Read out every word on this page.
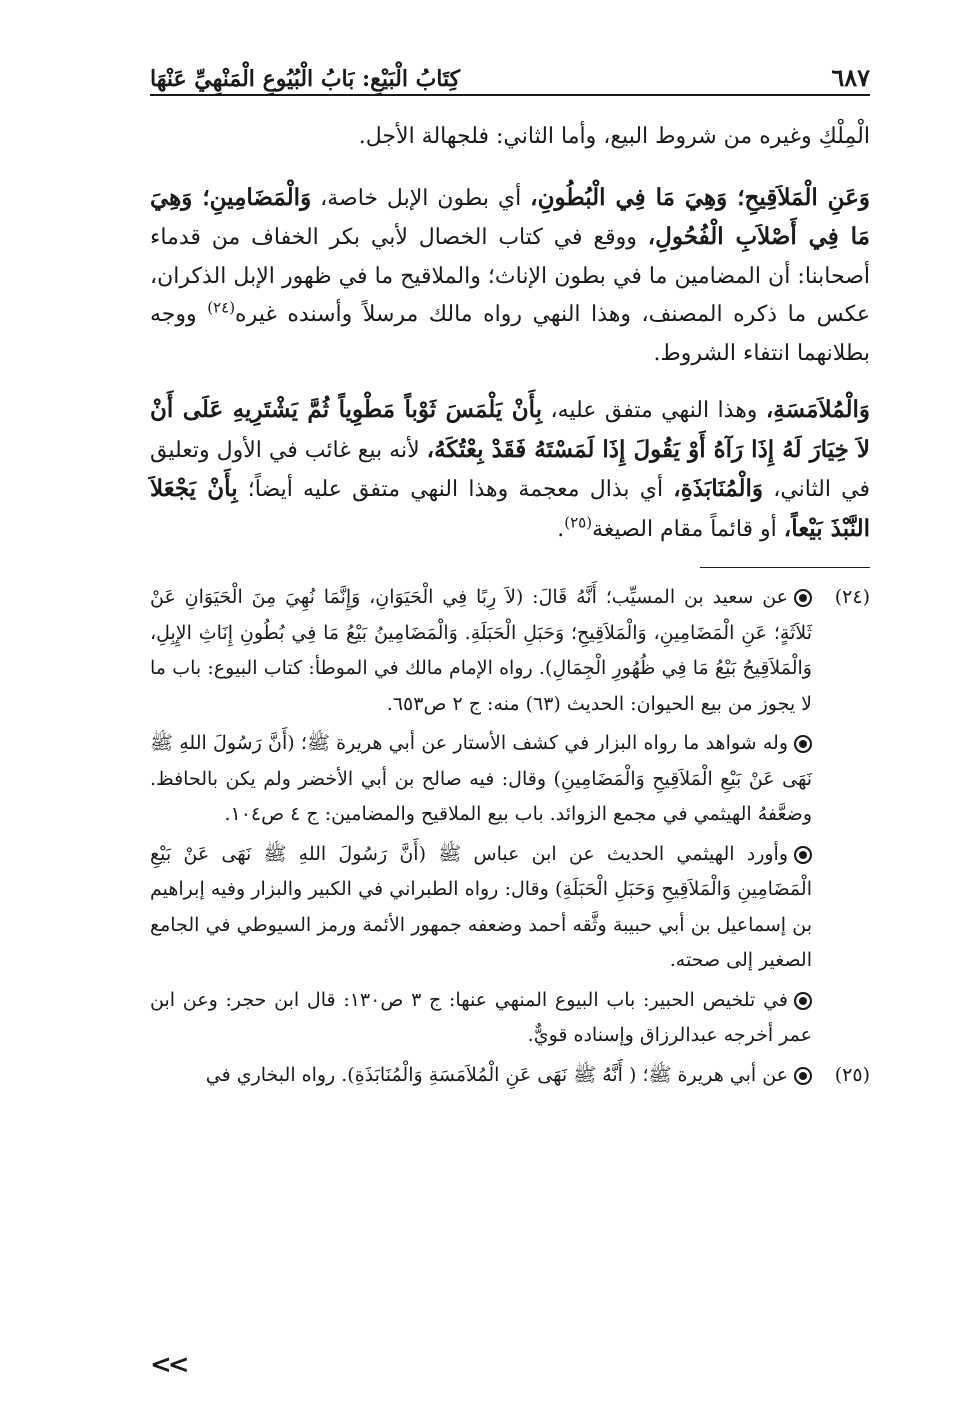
٦٨٧
كِتَابُ الْبَيْعِ: بَابُ الْبُيُوعِ الْمَنْهِيِّ عَنْهَا

الْمِلْكِ وغيره من شروط البيع، وأما الثاني: فلجهالة الأجل.

وَعَنِ الْمَلاَقِيحِ؛ وَهِيَ مَا فِي الْبُطُونِ، أي بطون الإبل خاصة، وَالْمَضَامِينِ؛ وَهِيَ مَا فِي أَصْلاَبِ الْفُحُولِ، ووقع في كتاب الخصال لأبي بكر الخفاف من قدماء أصحابنا: أن المضامين ما في بطون الإناث؛ والملاقيح ما في ظهور الإبل الذكران، عكس ما ذكره المصنف، وهذا النهي رواه مالك مرسلاً وأسنده غيره$^{(٢٤)}$ ووجه بطلانهما انتفاء الشروط.

وَالْمُلاَمَسَةِ، وهذا النهي متفق عليه، بِأَنْ يَلْمَسَ ثَوْباً مَطْوِياً ثُمَّ يَشْتَرِيهِ عَلَى أَنْ لاَ خِيَارَ لَهُ إِذَا رَآهُ أَوْ يَقُولَ إِذَا لَمَسْتَهُ فَقَدْ بِعْتُكَهُ، لأنه بيع غائب في الأول وتعليق في الثاني، وَالْمُنَابَذَةِ، أي بذال معجمة وهذا النهي متفق عليه أيضاً؛ بِأَنْ يَجْعَلاَ النَّبْذَ بَيْعاً، أو قائماً مقام الصيغة$^{(٢٥)}$.

(٢٤)
عن سعيد بن المسيِّب؛ أَنَّهُ قَالَ: (لاَ رِبًا فِي الْحَيَوَانِ، وَإِنَّمَا نُهِيَ مِنَ الْحَيَوَانِ عَنْ ثَلاَثَةٍ؛ عَنِ الْمَضَامِينِ، وَالْمَلاَقِيحِ؛ وَحَبَلِ الْحَبَلَةِ. وَالْمَضَامِينُ بَيْعُ مَا فِي بُطُونِ إِنَاثِ الإِبِلِ، وَالْمَلاَقِيحُ بَيْعُ مَا فِي ظُهُورِ الْجِمَالِ). رواه الإمام مالك في الموطأ: كتاب البيوع: باب ما لا يجوز من بيع الحيوان: الحديث (٦٣) منه: ج ٢ ص٦٥٣.
وله شواهد ما رواه البزار في كشف الأستار عن أبي هريرة ﷺ؛ (أَنَّ رَسُولَ اللهِ ﷺ نَهَى عَنْ بَيْعِ الْمَلاَقِيحِ وَالْمَضَامِينِ) وقال: فيه صالح بن أبي الأخضر ولم يكن بالحافظ. وضعَّفهُ الهيثمي في مجمع الزوائد. باب بيع الملاقيح والمضامين: ج ٤ ص١٠٤.
وأورد الهيثمي الحديث عن ابن عباس ﷺ (أَنَّ رَسُولَ اللهِ ﷺ نَهَى عَنْ بَيْعِ الْمَضَامِينِ وَالْمَلاَقِيحِ وَحَبَلِ الْحَبَلَةِ) وقال: رواه الطبراني في الكبير والبزار وفيه إبراهيم بن إسماعيل بن أبي حبيبة وثَّقه أحمد وضعفه جمهور الأئمة ورمز السيوطي في الجامع الصغير إلى صحته.
في تلخيص الحبير: باب البيوع المنهي عنها: ج ٣ ص١٣٠: قال ابن حجر: وعن ابن عمر أخرجه عبدالرزاق وإسناده قويٌّ.
(٢٥)
عن أبي هريرة ﷺ؛ ( أَنَّهُ ﷺ نَهَى عَنِ الْمُلاَمَسَةِ وَالْمُنَابَذَةِ). رواه البخاري في
<<
